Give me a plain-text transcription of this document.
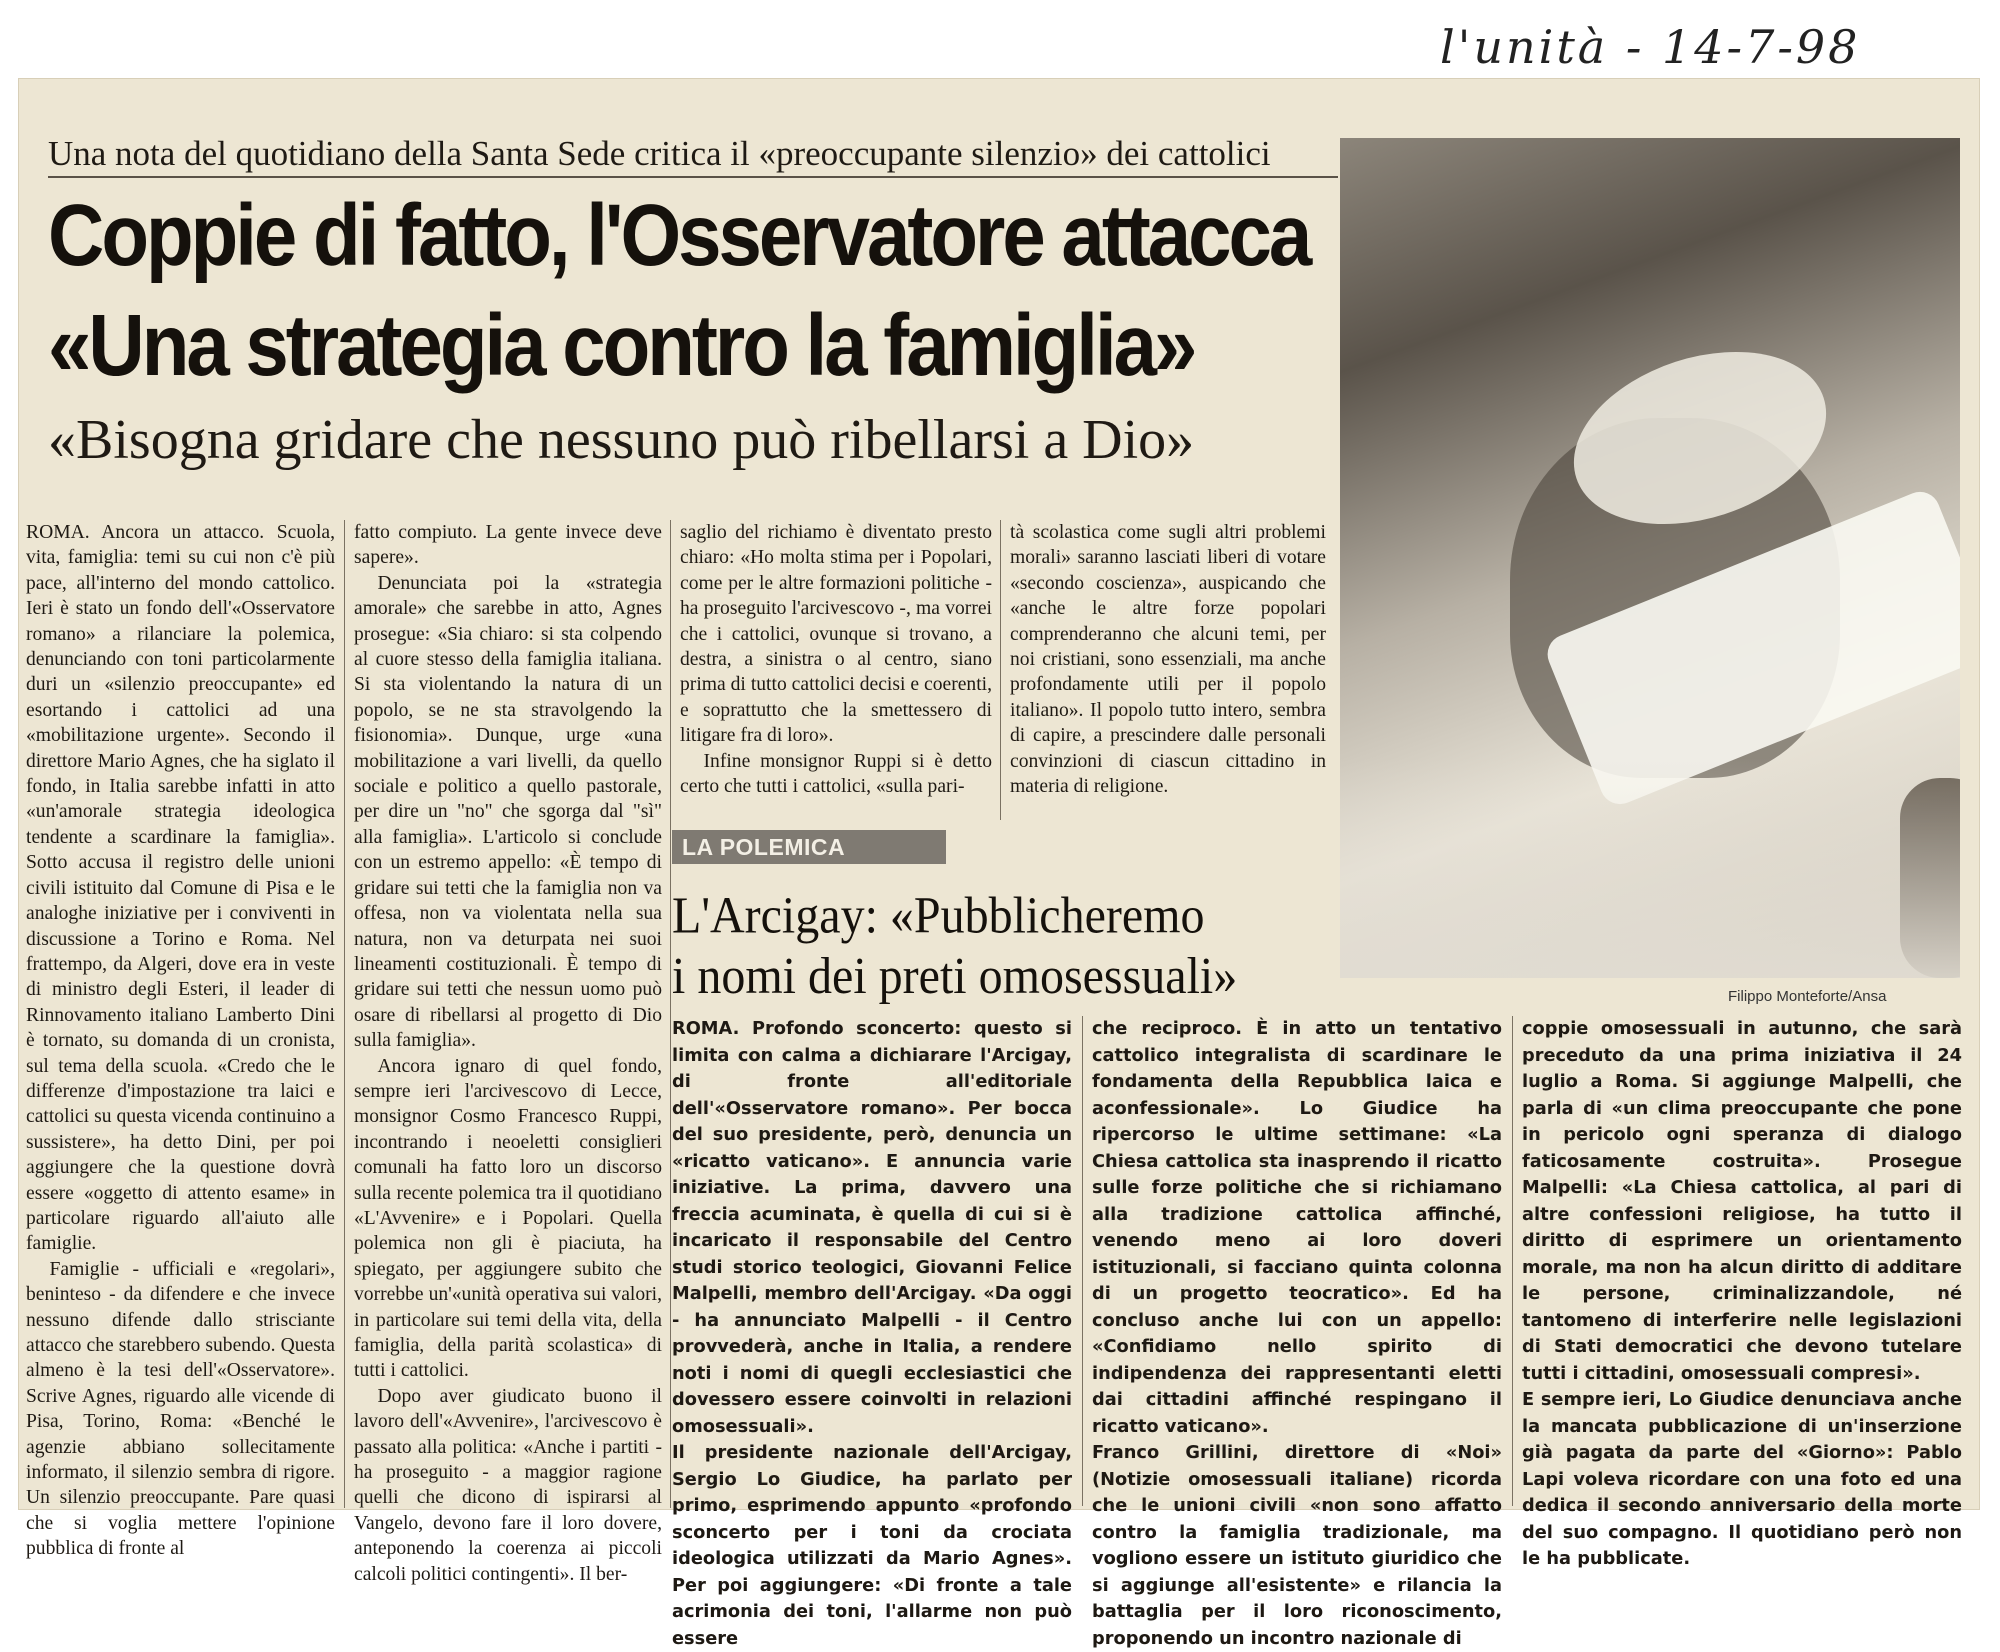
l'unità - 14-7-98
Una nota del quotidiano della Santa Sede critica il «preoccupante silenzio» dei cattolici
Coppie di fatto, l'Osservatore attacca
«Una strategia contro la famiglia»
«Bisogna gridare che nessuno può ribellarsi a Dio»

ROMA. Ancora un attacco. Scuola, vita, famiglia: temi su cui non c'è più pace, all'interno del mondo cattolico. Ieri è stato un fondo dell'«Osservatore romano» a rilanciare la polemica, denunciando con toni particolarmente duri un «silenzio preoccupante» ed esortando i cattolici ad una «mobilitazione urgente». Secondo il direttore Mario Agnes, che ha siglato il fondo, in Italia sarebbe infatti in atto «un'amorale strategia ideologica tendente a scardinare la famiglia». Sotto accusa il registro delle unioni civili istituito dal Comune di Pisa e le analoghe iniziative per i conviventi in discussione a Torino e Roma. Nel frattempo, da Algeri, dove era in veste di ministro degli Esteri, il leader di Rinnovamento italiano Lamberto Dini è tornato, su domanda di un cronista, sul tema della scuola. «Credo che le differenze d'impostazione tra laici e cattolici su questa vicenda continuino a sussistere», ha detto Dini, per poi aggiungere che la questione dovrà essere «oggetto di attento esame» in particolare riguardo all'aiuto alle famiglie.

Famiglie - ufficiali e «regolari», beninteso - da difendere e che invece nessuno difende dallo strisciante attacco che starebbero subendo. Questa almeno è la tesi dell'«Osservatore». Scrive Agnes, riguardo alle vicende di Pisa, Torino, Roma: «Benché le agenzie abbiano sollecitamente informato, il silenzio sembra di rigore. Un silenzio preoccupante. Pare quasi che si voglia mettere l'opinione pubblica di fronte al

fatto compiuto. La gente invece deve sapere».

Denunciata poi la «strategia amorale» che sarebbe in atto, Agnes prosegue: «Sia chiaro: si sta colpendo al cuore stesso della famiglia italiana. Si sta violentando la natura di un popolo, se ne sta stravolgendo la fisionomia». Dunque, urge «una mobilitazione a vari livelli, da quello sociale e politico a quello pastorale, per dire un "no" che sgorga dal "sì" alla famiglia». L'articolo si conclude con un estremo appello: «È tempo di gridare sui tetti che la famiglia non va offesa, non va violentata nella sua natura, non va deturpata nei suoi lineamenti costituzionali. È tempo di gridare sui tetti che nessun uomo può osare di ribellarsi al progetto di Dio sulla famiglia».

Ancora ignaro di quel fondo, sempre ieri l'arcivescovo di Lecce, monsignor Cosmo Francesco Ruppi, incontrando i neoeletti consiglieri comunali ha fatto loro un discorso sulla recente polemica tra il quotidiano «L'Avvenire» e i Popolari. Quella polemica non gli è piaciuta, ha spiegato, per aggiungere subito che vorrebbe un'«unità operativa sui valori, in particolare sui temi della vita, della famiglia, della parità scolastica» di tutti i cattolici.

Dopo aver giudicato buono il lavoro dell'«Avvenire», l'arcivescovo è passato alla politica: «Anche i partiti - ha proseguito - a maggior ragione quelli che dicono di ispirarsi al Vangelo, devono fare il loro dovere, anteponendo la coerenza ai piccoli calcoli politici contingenti». Il ber-

saglio del richiamo è diventato presto chiaro: «Ho molta stima per i Popolari, come per le altre formazioni politiche - ha proseguito l'arcivescovo -, ma vorrei che i cattolici, ovunque si trovano, a destra, a sinistra o al centro, siano prima di tutto cattolici decisi e coerenti, e soprattutto che la smettessero di litigare fra di loro».

Infine monsignor Ruppi si è detto certo che tutti i cattolici, «sulla pari-

tà scolastica come sugli altri problemi morali» saranno lasciati liberi di votare «secondo coscienza», auspicando che «anche le altre forze popolari comprenderanno che alcuni temi, per noi cristiani, sono essenziali, ma anche profondamente utili per il popolo italiano». Il popolo tutto intero, sembra di capire, a prescindere dalle personali convinzioni di ciascun cittadino in materia di religione.

Filippo Monteforte/Ansa
LA POLEMICA
L'Arcigay: «Pubblicheremo
i nomi dei preti omosessuali»

ROMA. Profondo sconcerto: questo si limita con calma a dichiarare l'Arcigay, di fronte all'editoriale dell'«Osservatore romano». Per bocca del suo presidente, però, denuncia un «ricatto vaticano». E annuncia varie iniziative. La prima, davvero una freccia acuminata, è quella di cui si è incaricato il responsabile del Centro studi storico teologici, Giovanni Felice Malpelli, membro dell'Arcigay. «Da oggi - ha annunciato Malpelli - il Centro provvederà, anche in Italia, a rendere noti i nomi di quegli ecclesiastici che dovessero essere coinvolti in relazioni omosessuali».

Il presidente nazionale dell'Arcigay, Sergio Lo Giudice, ha parlato per primo, esprimendo appunto «profondo sconcerto per i toni da crociata ideologica utilizzati da Mario Agnes». Per poi aggiungere: «Di fronte a tale acrimonia dei toni, l'allarme non può essere

che reciproco. È in atto un tentativo cattolico integralista di scardinare le fondamenta della Repubblica laica e aconfessionale». Lo Giudice ha ripercorso le ultime settimane: «La Chiesa cattolica sta inasprendo il ricatto sulle forze politiche che si richiamano alla tradizione cattolica affinché, venendo meno ai loro doveri istituzionali, si facciano quinta colonna di un progetto teocratico». Ed ha concluso anche lui con un appello: «Confidiamo nello spirito di indipendenza dei rappresentanti eletti dai cittadini affinché respingano il ricatto vaticano».

Franco Grillini, direttore di «Noi» (Notizie omosessuali italiane) ricorda che le unioni civili «non sono affatto contro la famiglia tradizionale, ma vogliono essere un istituto giuridico che si aggiunge all'esistente» e rilancia la battaglia per il loro riconoscimento, proponendo un incontro nazionale di

coppie omosessuali in autunno, che sarà preceduto da una prima iniziativa il 24 luglio a Roma. Si aggiunge Malpelli, che parla di «un clima preoccupante che pone in pericolo ogni speranza di dialogo faticosamente costruita». Prosegue Malpelli: «La Chiesa cattolica, al pari di altre confessioni religiose, ha tutto il diritto di esprimere un orientamento morale, ma non ha alcun diritto di additare le persone, criminalizzandole, né tantomeno di interferire nelle legislazioni di Stati democratici che devono tutelare tutti i cittadini, omosessuali compresi».

E sempre ieri, Lo Giudice denunciava anche la mancata pubblicazione di un'inserzione già pagata da parte del «Giorno»: Pablo Lapi voleva ricordare con una foto ed una dedica il secondo anniversario della morte del suo compagno. Il quotidiano però non le ha pubblicate.
